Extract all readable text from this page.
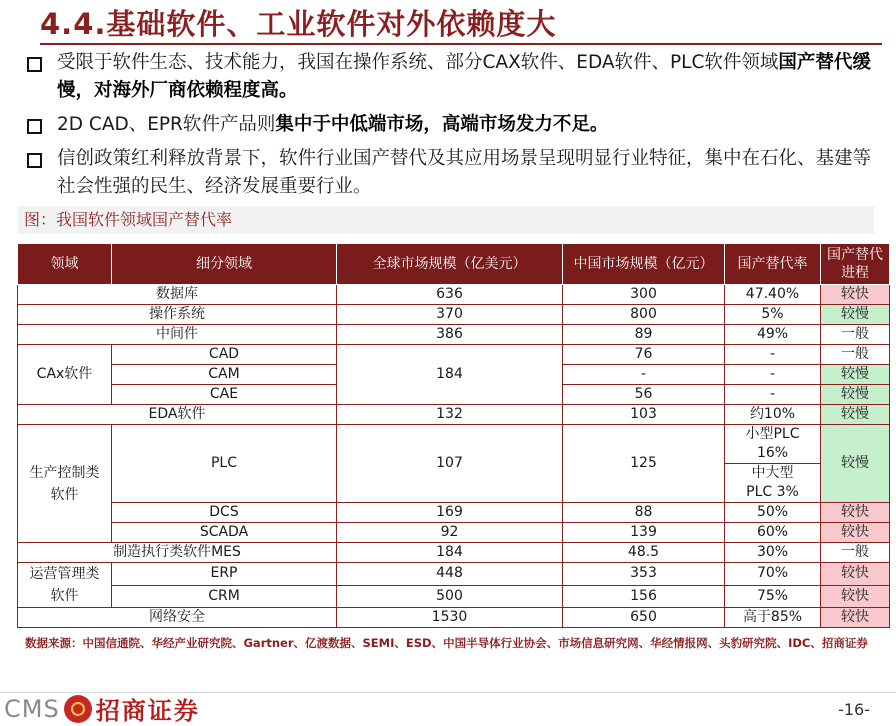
4.4.基础软件、工业软件对外依赖度大
受限于软件生态、技术能力，我国在操作系统、部分CAX软件、EDA软件、PLC软件领域国产替代缓慢，对海外厂商依赖程度高。
2D CAD、EPR软件产品则集中于中低端市场，高端市场发力不足。
信创政策红利释放背景下，软件行业国产替代及其应用场景呈现明显行业特征，集中在石化、基建等社会性强的民生、经济发展重要行业。
图：我国软件领域国产替代率
领域	细分领域	全球市场规模（亿美元）	中国市场规模（亿元）	国产替代率	国产替代进程
数据库		636	300	47.40%	较快
操作系统		370	800	5%	较慢
中间件		386	89	49%	一般
CAx软件	CAD	184	76	-	一般
	CAM		-	-	较慢
	CAE		56	-	较慢
EDA软件		132	103	约10%	较慢
生产控制类软件	PLC	107	125	小型PLC 16%	较慢
				中大型PLC 3%	
	DCS	169	88	50%	较快
	SCADA	92	139	60%	较快
制造执行类软件MES		184	48.5	30%	一般
运营管理类软件	ERP	448	353	70%	较快
	CRM	500	156	75%	较快
网络安全		1530	650	高于85%	较快
数据来源：中国信通院、华经产业研究院、Gartner、亿渡数据、SEMI、ESD、中国半导体行业协会、市场信息研究网、华经情报网、头豹研究院、IDC、招商证券
CMS 招商证券	-16-
